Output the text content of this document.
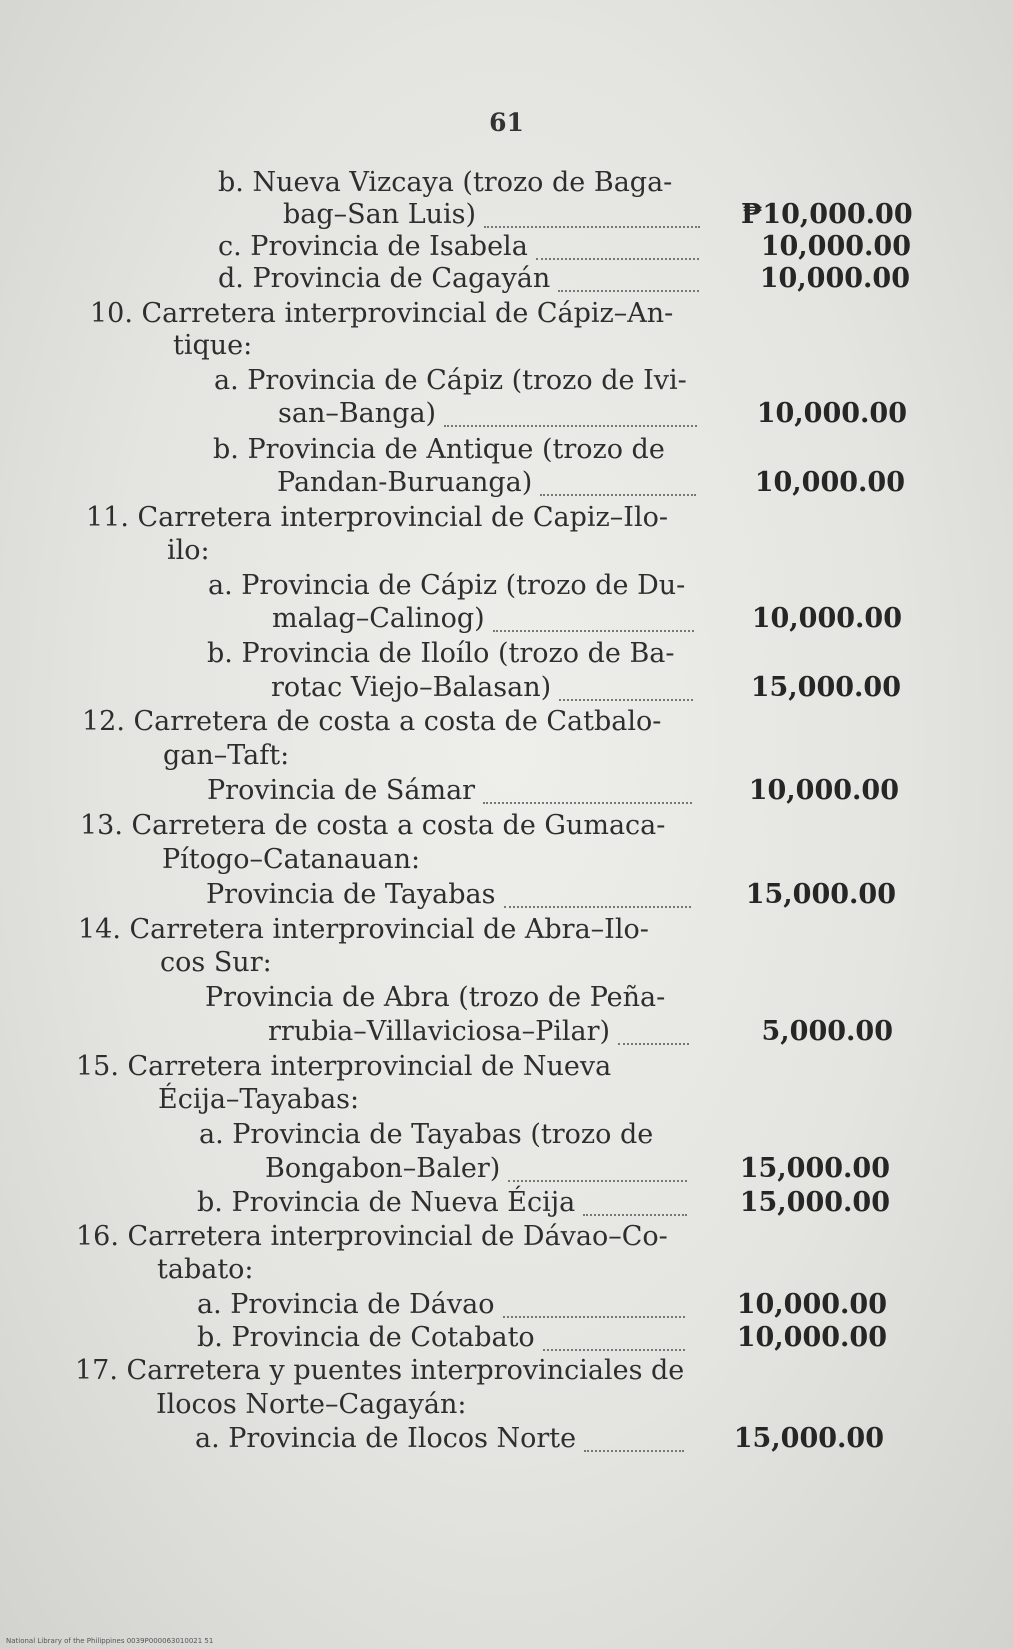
61
b. Nueva Vizcaya (trozo de Baga-
bag–San Luis)	₱10,000.00
c. Provincia de Isabela	10,000.00
d. Provincia de Cagayán	10,000.00
10. Carretera interprovincial de Cápiz–An-
tique:
a. Provincia de Cápiz (trozo de Ivi-
san–Banga)	10,000.00
b. Provincia de Antique (trozo de
Pandan-Buruanga)	10,000.00
11. Carretera interprovincial de Capiz–Ilo-
ilo:
a. Provincia de Cápiz (trozo de Du-
malag–Calinog)	10,000.00
b. Provincia de Iloílo (trozo de Ba-
rotac Viejo–Balasan)	15,000.00
12. Carretera de costa a costa de Catbalo-
gan–Taft:
Provincia de Sámar	10,000.00
13. Carretera de costa a costa de Gumaca-
Pítogo–Catanauan:
Provincia de Tayabas	15,000.00
14. Carretera interprovincial de Abra–Ilo-
cos Sur:
Provincia de Abra (trozo de Peña-
rrubia–Villaviciosa–Pilar)	5,000.00
15. Carretera interprovincial de Nueva
Écija–Tayabas:
a. Provincia de Tayabas (trozo de
Bongabon–Baler)	15,000.00
b. Provincia de Nueva Écija	15,000.00
16. Carretera interprovincial de Dávao–Co-
tabato:
a. Provincia de Dávao	10,000.00
b. Provincia de Cotabato	10,000.00
17. Carretera y puentes interprovinciales de
Ilocos Norte–Cagayán:
a. Provincia de Ilocos Norte	15,000.00
National Library of the Philippines 0039P000063010021 51
